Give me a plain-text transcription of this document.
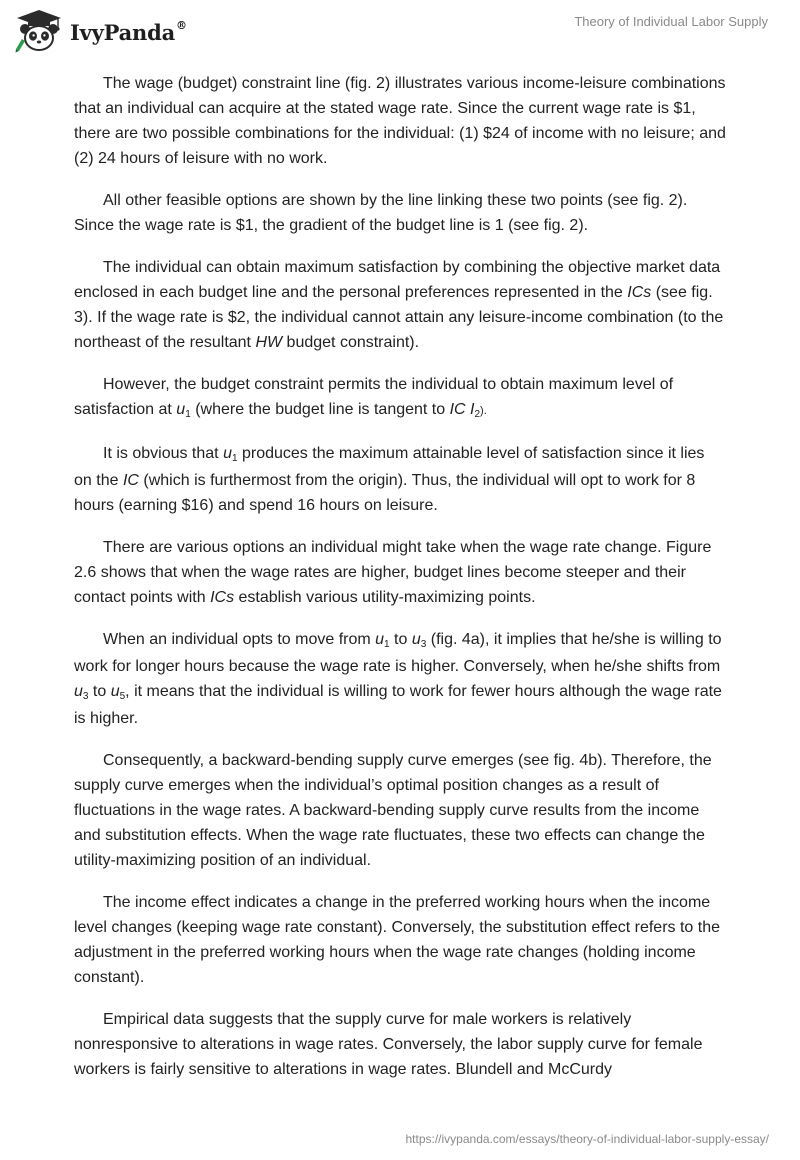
IvyPanda®	Theory of Individual Labor Supply

The wage (budget) constraint line (fig. 2) illustrates various income-leisure combinations that an individual can acquire at the stated wage rate. Since the current wage rate is $1, there are two possible combinations for the individual: (1) $24 of income with no leisure; and (2) 24 hours of leisure with no work.

All other feasible options are shown by the line linking these two points (see fig. 2). Since the wage rate is $1, the gradient of the budget line is 1 (see fig. 2).

The individual can obtain maximum satisfaction by combining the objective market data enclosed in each budget line and the personal preferences represented in the ICs (see fig. 3). If the wage rate is $2, the individual cannot attain any leisure-income combination (to the northeast of the resultant HW budget constraint).

However, the budget constraint permits the individual to obtain maximum level of satisfaction at $u_1$ (where the budget line is tangent to IC $I_2$).

It is obvious that $u_1$ produces the maximum attainable level of satisfaction since it lies on the IC (which is furthermost from the origin). Thus, the individual will opt to work for 8 hours (earning $16) and spend 16 hours on leisure.

There are various options an individual might take when the wage rate change. Figure 2.6 shows that when the wage rates are higher, budget lines become steeper and their contact points with ICs establish various utility-maximizing points.

When an individual opts to move from $u_1$ to $u_3$ (fig. 4a), it implies that he/she is willing to work for longer hours because the wage rate is higher. Conversely, when he/she shifts from $u_3$ to $u_5$, it means that the individual is willing to work for fewer hours although the wage rate is higher.

Consequently, a backward-bending supply curve emerges (see fig. 4b). Therefore, the supply curve emerges when the individual’s optimal position changes as a result of fluctuations in the wage rates. A backward-bending supply curve results from the income and substitution effects. When the wage rate fluctuates, these two effects can change the utility-maximizing position of an individual.

The income effect indicates a change in the preferred working hours when the income level changes (keeping wage rate constant). Conversely, the substitution effect refers to the adjustment in the preferred working hours when the wage rate changes (holding income constant).

Empirical data suggests that the supply curve for male workers is relatively nonresponsive to alterations in wage rates. Conversely, the labor supply curve for female workers is fairly sensitive to alterations in wage rates. Blundell and McCurdy

https://ivypanda.com/essays/theory-of-individual-labor-supply-essay/
